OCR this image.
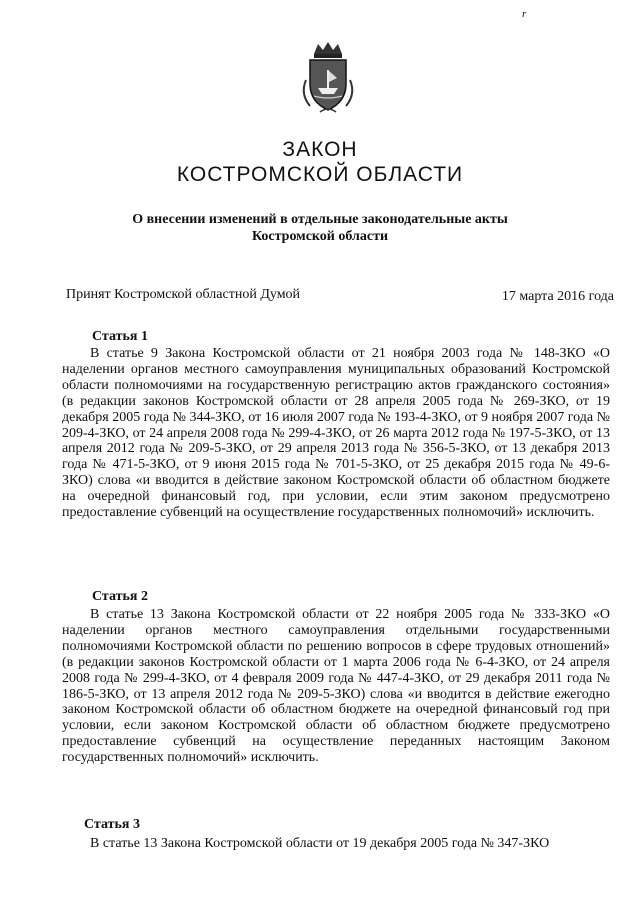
r
ЗАКОН
КОСТРОМСКОЙ ОБЛАСТИ
О внесении изменений в отдельные законодательные акты Костромской области
Принят Костромской областной Думой	17 марта 2016 года
Статья 1
В статье 9 Закона Костромской области от 21 ноября 2003 года № 148-ЗКО «О наделении органов местного самоуправления муниципальных образований Костромской области полномочиями на государственную регистрацию актов гражданского состояния» (в редакции законов Костромской области от 28 апреля 2005 года № 269-ЗКО, от 19 декабря 2005 года № 344-ЗКО, от 16 июля 2007 года № 193-4-ЗКО, от 9 ноября 2007 года № 209-4-ЗКО, от 24 апреля 2008 года № 299-4-ЗКО, от 26 марта 2012 года № 197-5-ЗКО, от 13 апреля 2012 года № 209-5-ЗКО, от 29 апреля 2013 года № 356-5-ЗКО, от 13 декабря 2013 года № 471-5-ЗКО, от 9 июня 2015 года № 701-5-ЗКО, от 25 декабря 2015 года № 49-6-ЗКО) слова «и вводится в действие законом Костромской области об областном бюджете на очередной финансовый год, при условии, если этим законом предусмотрено предоставление субвенций на осуществление государственных полномочий» исключить.
Статья 2
В статье 13 Закона Костромской области от 22 ноября 2005 года № 333-ЗКО «О наделении органов местного самоуправления отдельными государственными полномочиями Костромской области по решению вопросов в сфере трудовых отношений» (в редакции законов Костромской области от 1 марта 2006 года № 6-4-ЗКО, от 24 апреля 2008 года № 299-4-ЗКО, от 4 февраля 2009 года № 447-4-ЗКО, от 29 декабря 2011 года № 186-5-ЗКО, от 13 апреля 2012 года № 209-5-ЗКО) слова «и вводится в действие ежегодно законом Костромской области об областном бюджете на очередной финансовый год при условии, если законом Костромской области об областном бюджете предусмотрено предоставление субвенций на осуществление переданных настоящим Законом государственных полномочий» исключить.
Статья 3
В статье 13 Закона Костромской области от 19 декабря 2005 года № 347-ЗКО
